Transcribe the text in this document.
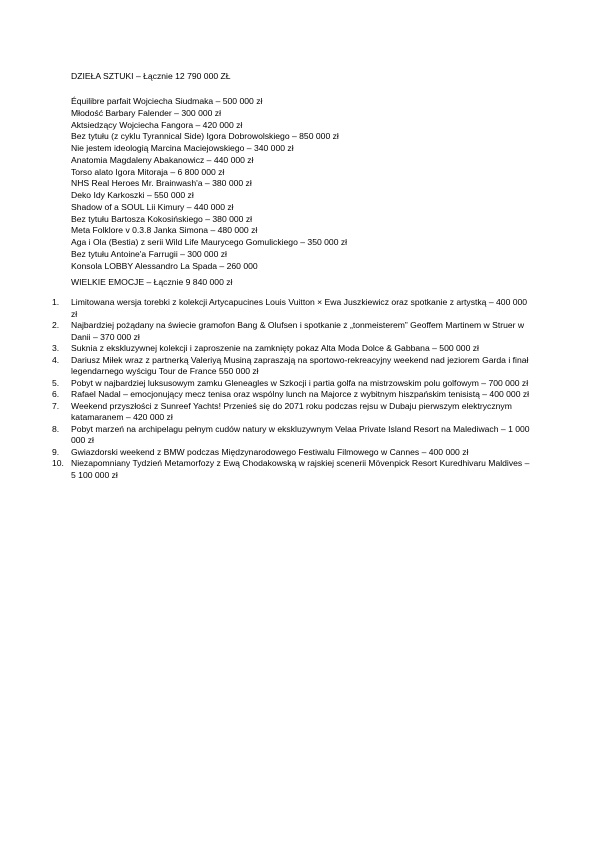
DZIEŁA SZTUKI – Łącznie 12 790 000 ZŁ
Équilibre parfait Wojciecha Siudmaka – 500 000 zł
Młodość Barbary Falender – 300 000 zł
Aktsiedzący Wojciecha Fangora – 420 000 zł
Bez tytułu (z cyklu Tyrannical Side) Igora Dobrowolskiego – 850 000 zł
Nie jestem ideologią Marcina Maciejowskiego – 340 000 zł
Anatomia Magdaleny Abakanowicz – 440 000 zł
Torso alato Igora Mitoraja – 6 800 000 zł
NHS Real Heroes Mr. Brainwash'a – 380 000 zł
Deko Idy Karkoszki – 550 000 zł
Shadow of a SOUL Lii Kimury – 440 000 zł
Bez tytułu Bartosza Kokosińskiego – 380 000 zł
Meta Folklore v 0.3.8 Janka Simona – 480 000 zł
Aga i Ola (Bestia) z serii Wild Life Maurycego Gomulickiego – 350 000 zł
Bez tytułu Antoine'a Farrugii – 300 000 zł
Konsola LOBBY Alessandro La Spada – 260 000
WIELKIE EMOCJE – Łącznie 9 840 000 zł
1. Limitowana wersja torebki z kolekcji Artycapucines Louis Vuitton × Ewa Juszkiewicz oraz spotkanie z artystką – 400 000 zł
2. Najbardziej pożądany na świecie gramofon Bang & Olufsen i spotkanie z „tonmeisterem” Geoffem Martinem w Struer w Danii – 370 000 zł
3. Suknia z ekskluzywnej kolekcji i zaproszenie na zamknięty pokaz Alta Moda Dolce & Gabbana – 500 000 zł
4. Dariusz Miłek wraz z partnerką Valeriyą Musiną zapraszają na sportowo-rekreacyjny weekend nad jeziorem Garda i finał legendarnego wyścigu Tour de France 550 000 zł
5. Pobyt w najbardziej luksusowym zamku Gleneagles w Szkocji i partia golfa na mistrzowskim polu golfowym – 700 000 zł
6. Rafael Nadal – emocjonujący mecz tenisa oraz wspólny lunch na Majorce z wybitnym hiszpańskim tenisistą – 400 000 zł
7. Weekend przyszłości z Sunreef Yachts! Przenieś się do 2071 roku podczas rejsu w Dubaju pierwszym elektrycznym katamaranem – 420 000 zł
8. Pobyt marzeń na archipelagu pełnym cudów natury w ekskluzywnym Velaa Private Island Resort na Malediwach – 1 000 000 zł
9. Gwiazdorski weekend z BMW podczas Międzynarodowego Festiwalu Filmowego w Cannes – 400 000 zł
10. Niezapomniany Tydzień Metamorfozy z Ewą Chodakowską w rajskiej scenerii Mövenpick Resort Kuredhivaru Maldives – 5 100 000 zł
